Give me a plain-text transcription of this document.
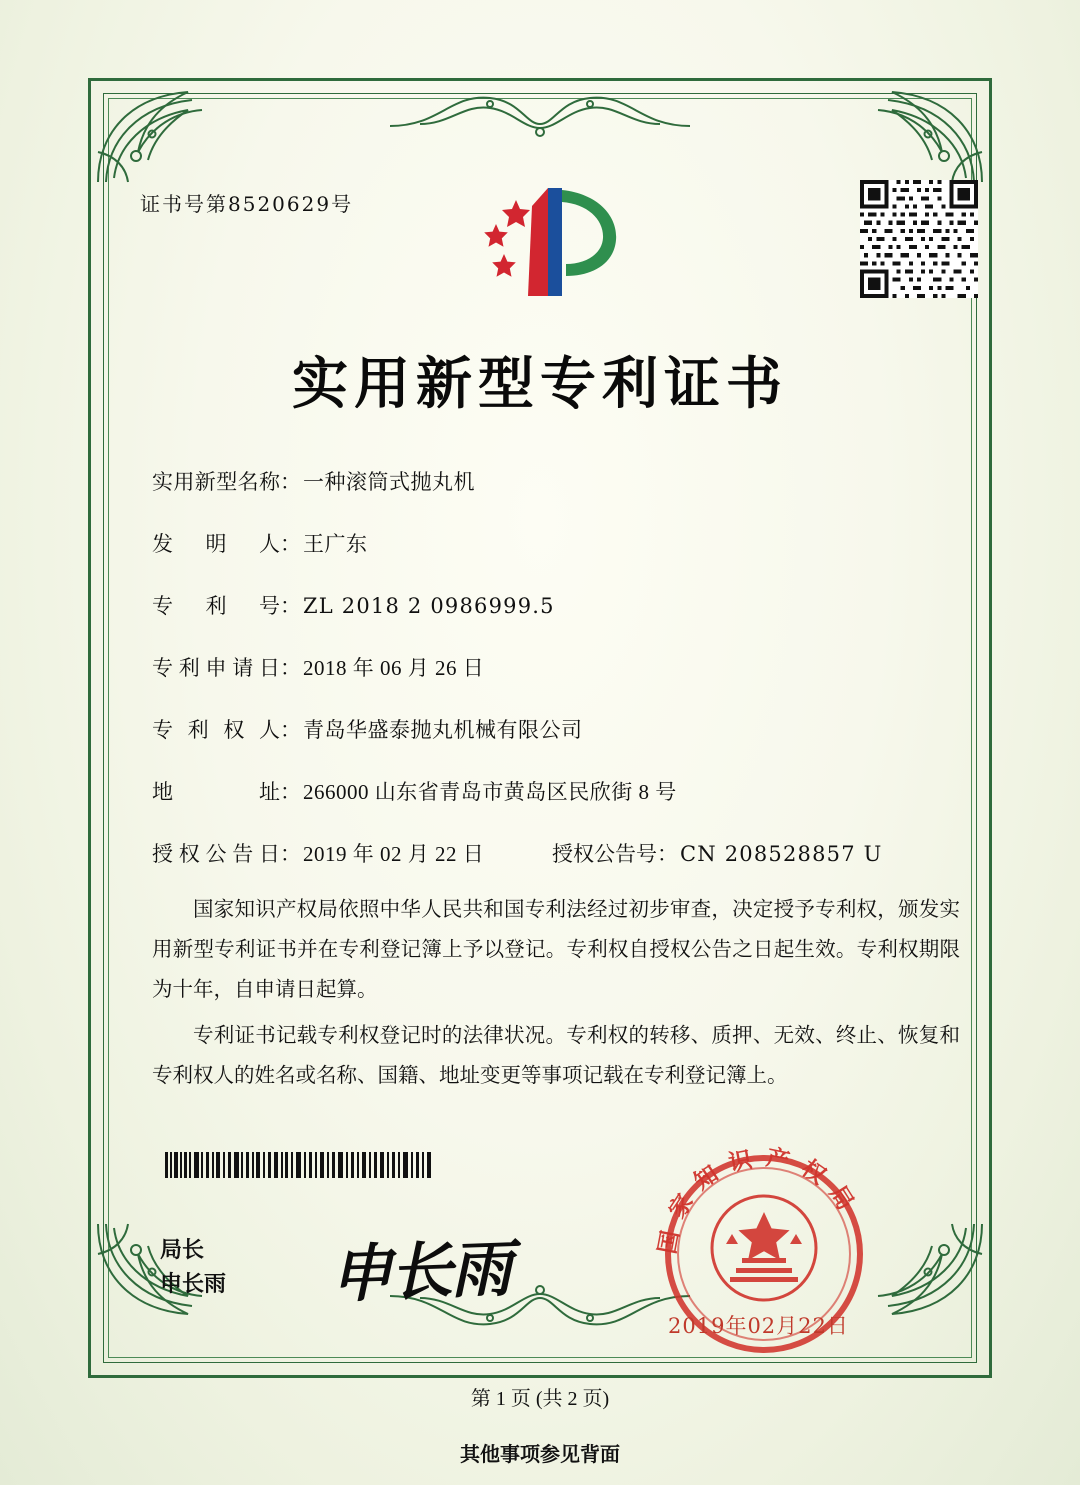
证书号第8520629号
实用新型专利证书
实用新型名称：一种滚筒式抛丸机
发 明 人：王广东
专 利 号：ZL 2018 2 0986999.5
专利申请日：2018 年 06 月 26 日
专 利 权 人：青岛华盛泰抛丸机械有限公司
地 址：266000 山东省青岛市黄岛区民欣街 8 号
授权公告日：2019 年 02 月 22 日	授权公告号：CN 208528857 U

国家知识产权局依照中华人民共和国专利法经过初步审查，决定授予专利权，颁发实用新型专利证书并在专利登记簿上予以登记。专利权自授权公告之日起生效。专利权期限为十年，自申请日起算。

专利证书记载专利权登记时的法律状况。专利权的转移、质押、无效、终止、恢复和专利权人的姓名或名称、国籍、地址变更等事项记载在专利登记簿上。

局长
申长雨 申长雨	国家知识产权局
2019年02月22日
第 1 页 (共 2 页)
其他事项参见背面
